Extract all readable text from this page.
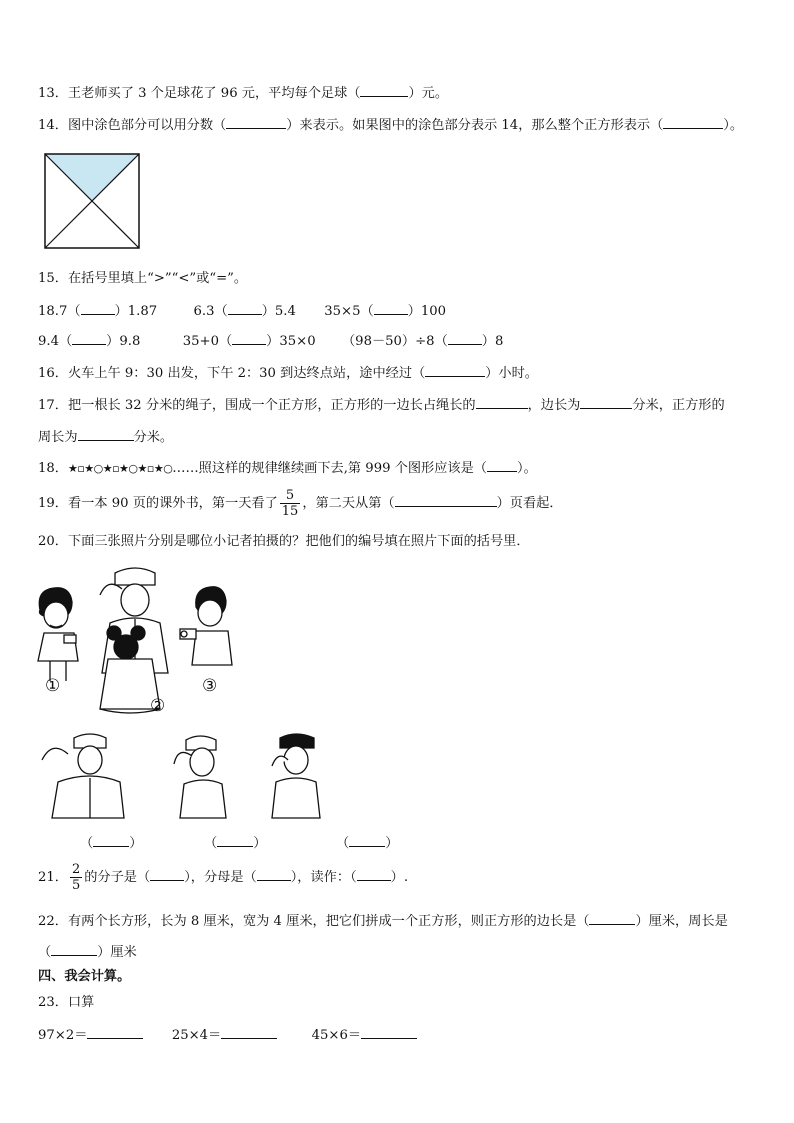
13．王老师买了 3 个足球花了 96 元，平均每个足球（	）元。
14．图中涂色部分可以用分数（	）来表示。如果图中的涂色部分表示 14，那么整个正方形表示（	）。
15．在括号里填上“>”“<”或“=”。
18.7（	）1.87	6.3（	）5.4 35×5（	）100
9.4（	）9.8	35+0（	）35×0 （98－50）÷8（	）8
16．火车上午 9：30 出发，下午 2：30 到达终点站，途中经过（	）小时。
17．把一根长 32 分米的绳子，围成一个正方形，正方形的一边长占绳长的	，边长为	分米，正方形的
周长为	分米。
18．★▫★○★▫★○★▫★○……照这样的规律继续画下去,第 999 个图形应该是（ ）。
19．看一本 90 页的课外书，第一天看了 $\frac{5}{15}$ ，第二天从第（	）页看起．
20．下面三张照片分别是哪位小记者拍摄的？把他们的编号填在照片下面的括号里．
①
②
③
（	）	（	）	（	）
21． $\frac{2}{5}$ 的分子是（	），分母是（	），读作：（	）.
22．有两个长方形，长为 8 厘米，宽为 4 厘米，把它们拼成一个正方形，则正方形的边长是（	）厘米，周长是
（	）厘米
四、我会计算。
23．口算
97×2＝	25×4＝	45×6＝
